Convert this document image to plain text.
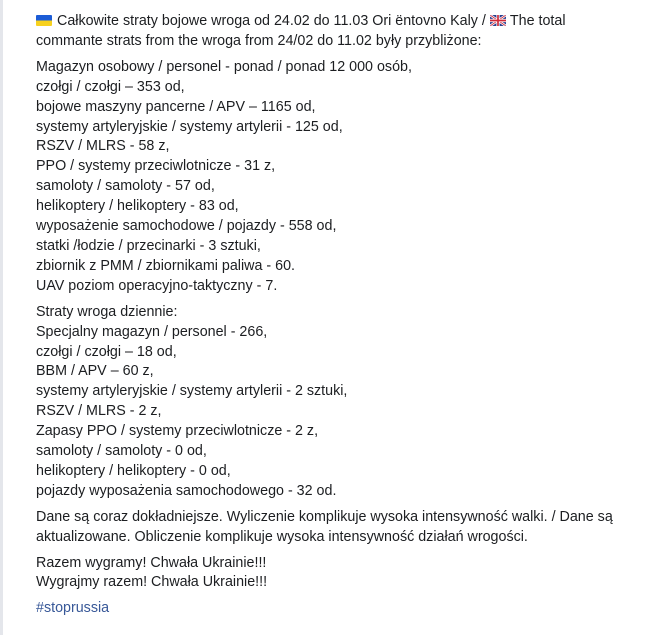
Całkowite straty bojowe wroga od 24.02 do 11.03 Ori ёntovno Kaly / The total
commante strats from the wroga from 24/02 do 11.02 były przybliżone:
Magazyn osobowy / personel - ponad / ponad 12 000 osób,
czołgi / czołgi – 353 od,
bojowe maszyny pancerne / APV – 1165 od,
systemy artyleryjskie / systemy artylerii - 125 od,
RSZV / MLRS - 58 z,
PPO / systemy przeciwlotnicze - 31 z,
samoloty / samoloty - 57 od,
helikoptery / helikoptery - 83 od,
wyposażenie samochodowe / pojazdy - 558 od,
statki /łodzie / przecinarki - 3 sztuki,
zbiornik z PMM / zbiornikami paliwa - 60.
UAV poziom operacyjno-taktyczny - 7.
Straty wroga dziennie:
Specjalny magazyn / personel - 266,
czołgi / czołgi – 18 od,
BBM / APV – 60 z,
systemy artyleryjskie / systemy artylerii - 2 sztuki,
RSZV / MLRS - 2 z,
Zapasy PPO / systemy przeciwlotnicze - 2 z,
samoloty / samoloty - 0 od,
helikoptery / helikoptery - 0 od,
pojazdy wyposażenia samochodowego - 32 od.
Dane są coraz dokładniejsze. Wyliczenie komplikuje wysoka intensywność walki. / Dane są
aktualizowane. Obliczenie komplikuje wysoka intensywność działań wrogości.
Razem wygramy! Chwała Ukrainie!!!
Wygrajmy razem! Chwała Ukrainie!!!
#stoprussia
